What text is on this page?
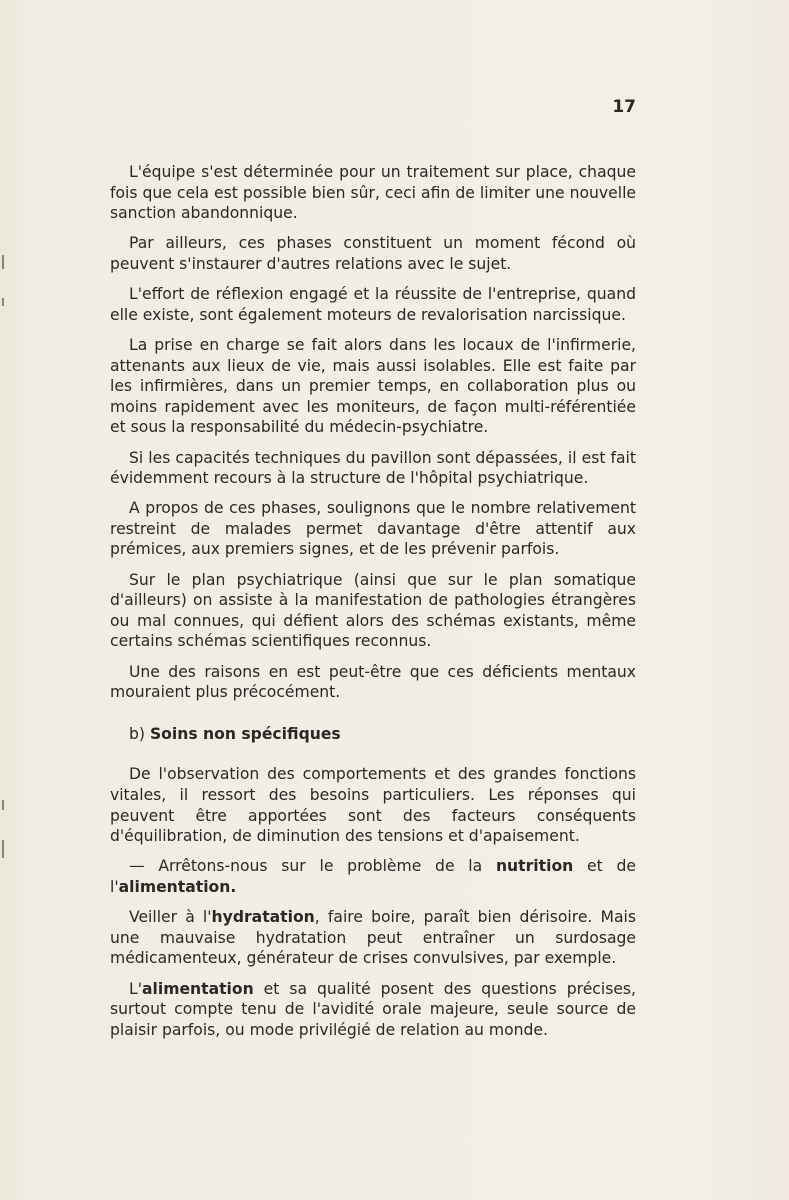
17

L'équipe s'est déterminée pour un traitement sur place, chaque fois que cela est possible bien sûr, ceci afin de limiter une nouvelle sanction abandonnique.

Par ailleurs, ces phases constituent un moment fécond où peuvent s'instaurer d'autres relations avec le sujet.

L'effort de réflexion engagé et la réussite de l'entreprise, quand elle existe, sont également moteurs de revalorisation narcissique.

La prise en charge se fait alors dans les locaux de l'infirmerie, attenants aux lieux de vie, mais aussi isolables. Elle est faite par les infirmières, dans un premier temps, en collaboration plus ou moins rapidement avec les moniteurs, de façon multi-référentiée et sous la responsabilité du médecin-psychiatre.

Si les capacités techniques du pavillon sont dépassées, il est fait évidemment recours à la structure de l'hôpital psychiatrique.

A propos de ces phases, soulignons que le nombre relativement restreint de malades permet davantage d'être attentif aux prémices, aux premiers signes, et de les prévenir parfois.

Sur le plan psychiatrique (ainsi que sur le plan somatique d'ailleurs) on assiste à la manifestation de pathologies étrangères ou mal connues, qui défient alors des schémas existants, même certains schémas scientifiques reconnus.

Une des raisons en est peut-être que ces déficients mentaux mouraient plus précocément.

b) Soins non spécifiques

De l'observation des comportements et des grandes fonctions vitales, il ressort des besoins particuliers. Les réponses qui peuvent être apportées sont des facteurs conséquents d'équilibration, de diminution des tensions et d'apaisement.

— Arrêtons-nous sur le problème de la nutrition et de l'alimentation.

Veiller à l'hydratation, faire boire, paraît bien dérisoire. Mais une mauvaise hydratation peut entraîner un surdosage médicamenteux, générateur de crises convulsives, par exemple.

L'alimentation et sa qualité posent des questions précises, surtout compte tenu de l'avidité orale majeure, seule source de plaisir parfois, ou mode privilégié de relation au monde.
